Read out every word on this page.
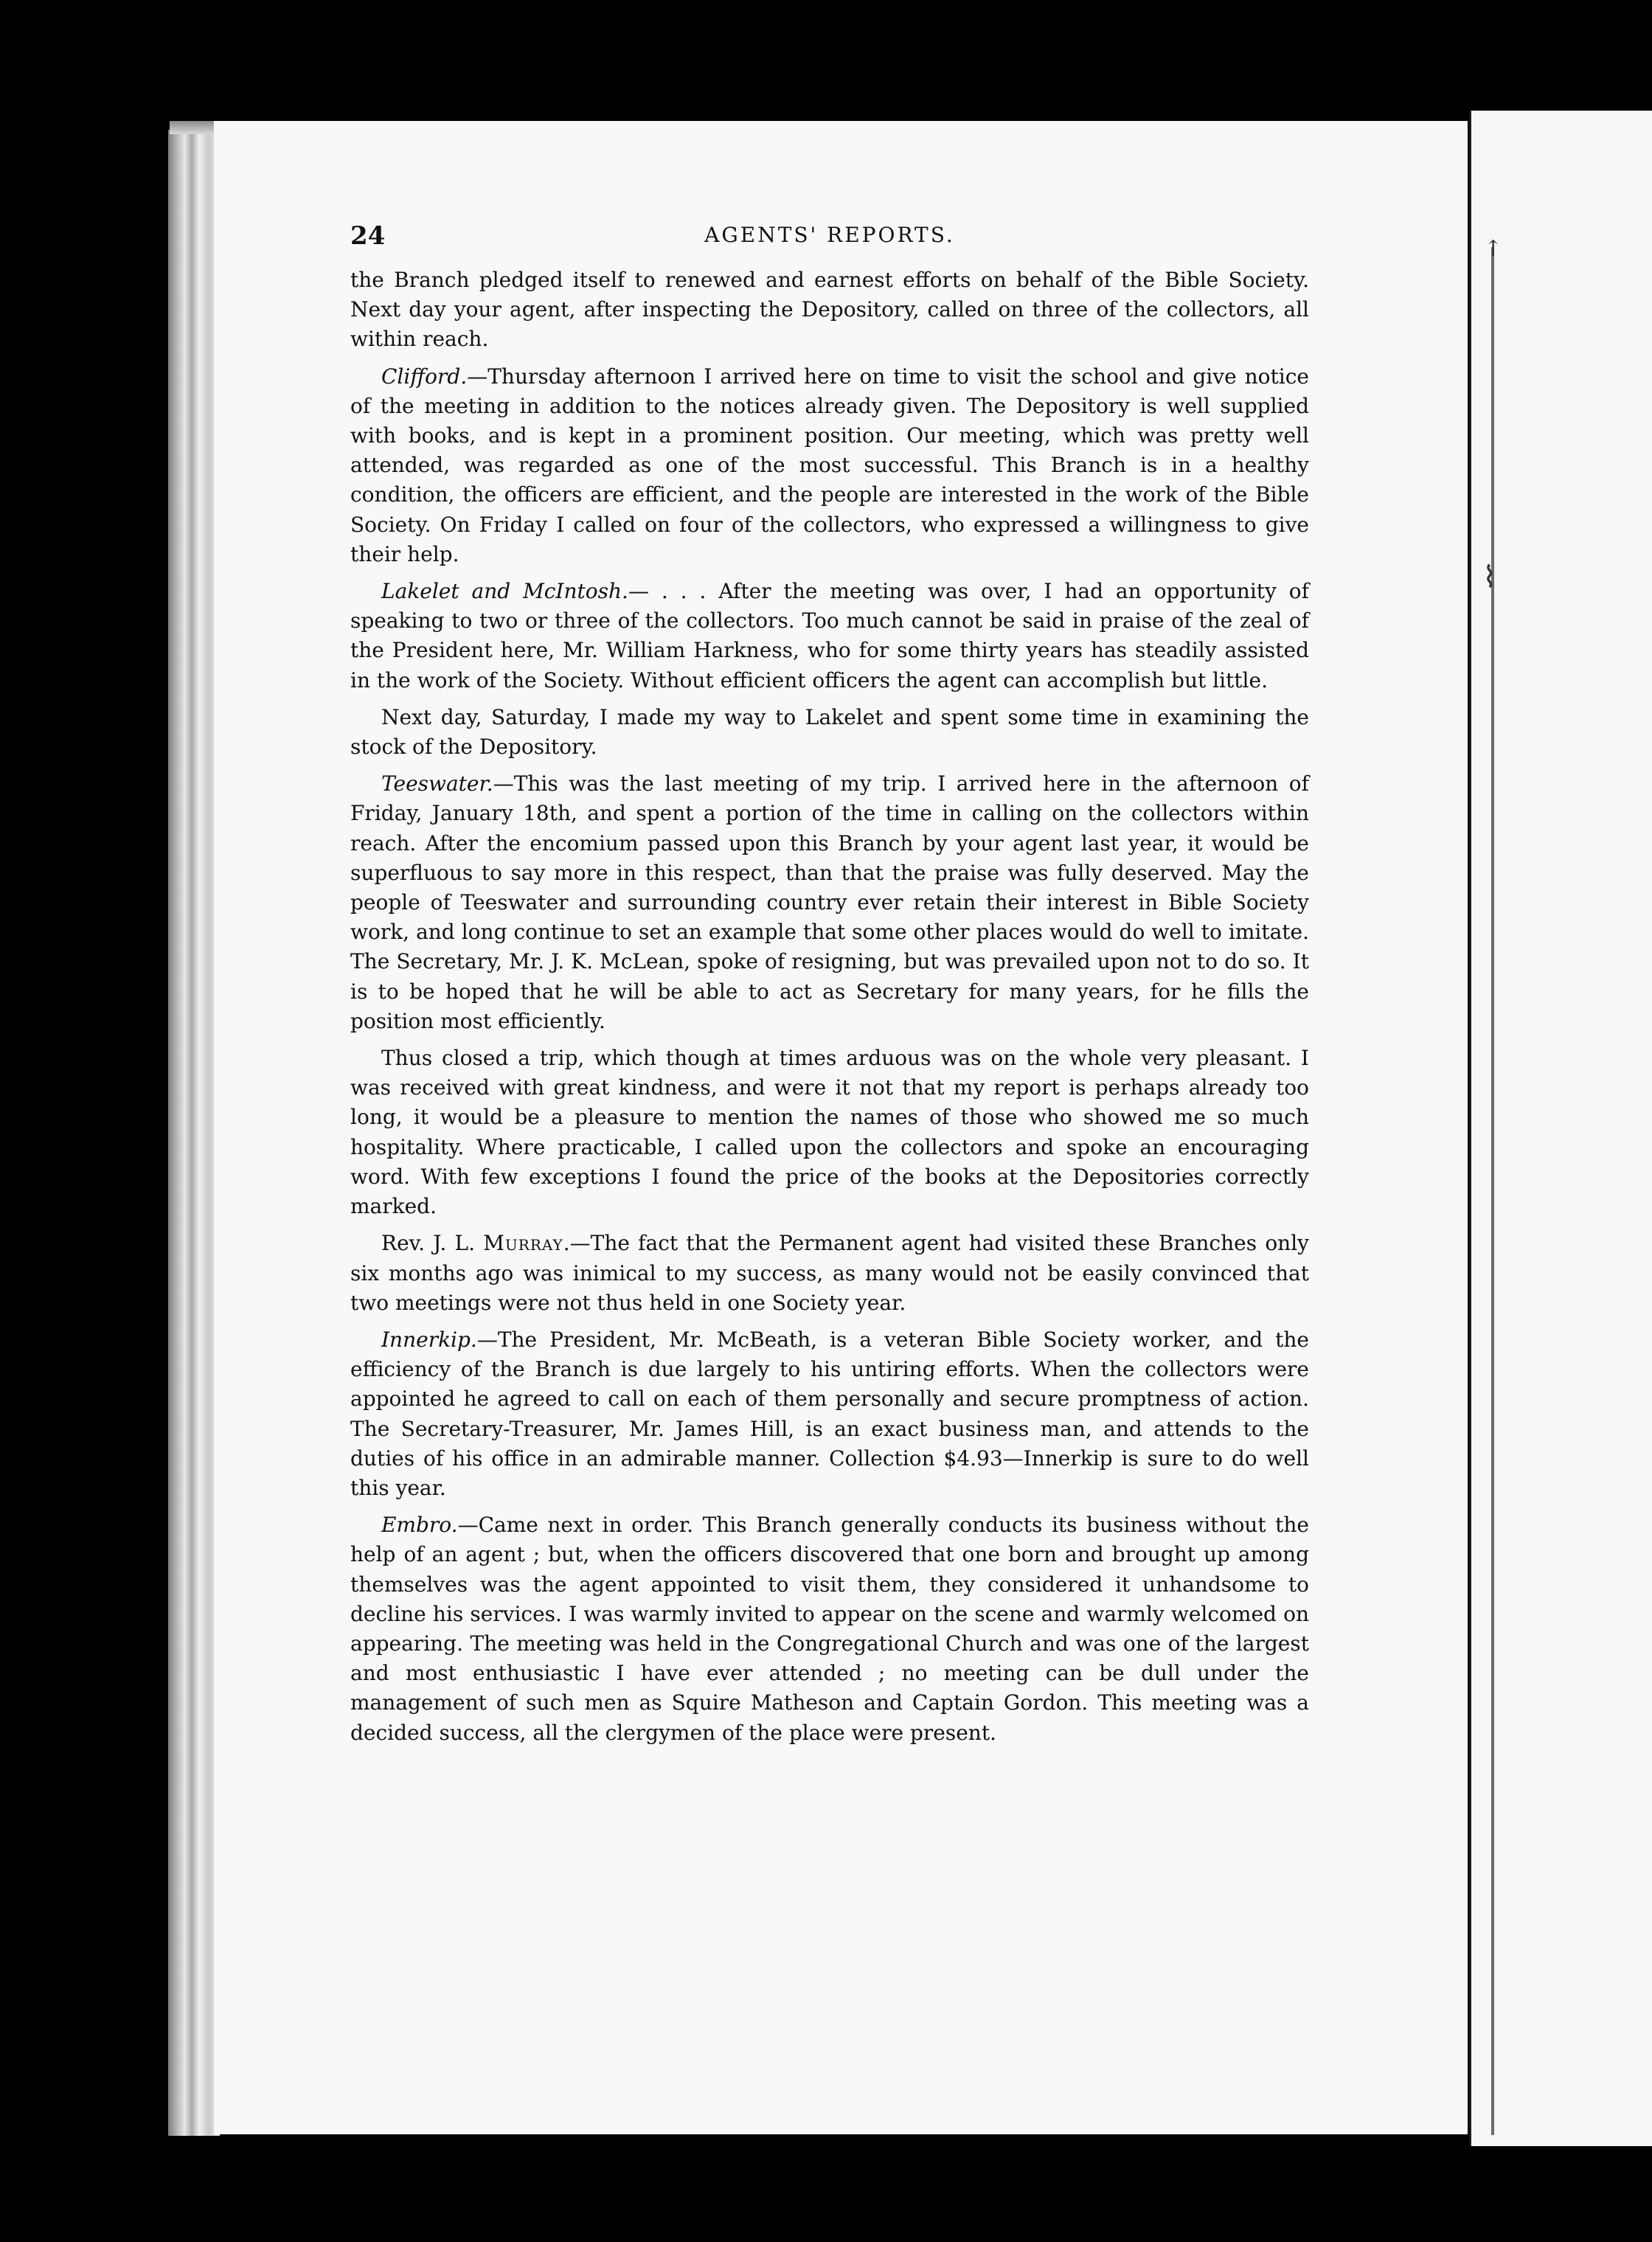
↑
⌇
24	AGENTS' REPORTS.

the Branch pledged itself to renewed and earnest efforts on behalf of the Bible Society. Next day your agent, after inspecting the Depository, called on three of the collectors, all within reach.

Clifford.—Thursday afternoon I arrived here on time to visit the school and give notice of the meeting in addition to the notices already given. The Depository is well supplied with books, and is kept in a prominent position. Our meeting, which was pretty well attended, was regarded as one of the most successful. This Branch is in a healthy condition, the officers are efficient, and the people are interested in the work of the Bible Society. On Friday I called on four of the collectors, who expressed a willingness to give their help.

Lakelet and McIntosh.— . . . After the meeting was over, I had an opportunity of speaking to two or three of the collectors. Too much cannot be said in praise of the zeal of the President here, Mr. William Harkness, who for some thirty years has steadily assisted in the work of the Society. Without efficient officers the agent can accomplish but little.

Next day, Saturday, I made my way to Lakelet and spent some time in examining the stock of the Depository.

Teeswater.—This was the last meeting of my trip. I arrived here in the afternoon of Friday, January 18th, and spent a portion of the time in calling on the collectors within reach. After the encomium passed upon this Branch by your agent last year, it would be superfluous to say more in this respect, than that the praise was fully deserved. May the people of Teeswater and surrounding country ever retain their interest in Bible Society work, and long continue to set an example that some other places would do well to imitate. The Secretary, Mr. J. K. McLean, spoke of resigning, but was prevailed upon not to do so. It is to be hoped that he will be able to act as Secretary for many years, for he fills the position most efficiently.

Thus closed a trip, which though at times arduous was on the whole very pleasant. I was received with great kindness, and were it not that my report is perhaps already too long, it would be a pleasure to mention the names of those who showed me so much hospitality. Where practicable, I called upon the collectors and spoke an encouraging word. With few exceptions I found the price of the books at the Depositories correctly marked.

Rev. J. L. Murray.—The fact that the Permanent agent had visited these Branches only six months ago was inimical to my success, as many would not be easily convinced that two meetings were not thus held in one Society year.

Innerkip.—The President, Mr. McBeath, is a veteran Bible Society worker, and the efficiency of the Branch is due largely to his untiring efforts. When the collectors were appointed he agreed to call on each of them personally and secure promptness of action. The Secretary-Treasurer, Mr. James Hill, is an exact business man, and attends to the duties of his office in an admirable manner. Collection $4.93—Innerkip is sure to do well this year.

Embro.—Came next in order. This Branch generally conducts its business without the help of an agent ; but, when the officers discovered that one born and brought up among themselves was the agent appointed to visit them, they considered it unhandsome to decline his services. I was warmly invited to appear on the scene and warmly welcomed on appearing. The meeting was held in the Congregational Church and was one of the largest and most enthusiastic I have ever attended ; no meeting can be dull under the management of such men as Squire Matheson and Captain Gordon. This meeting was a decided success, all the clergymen of the place were present.
